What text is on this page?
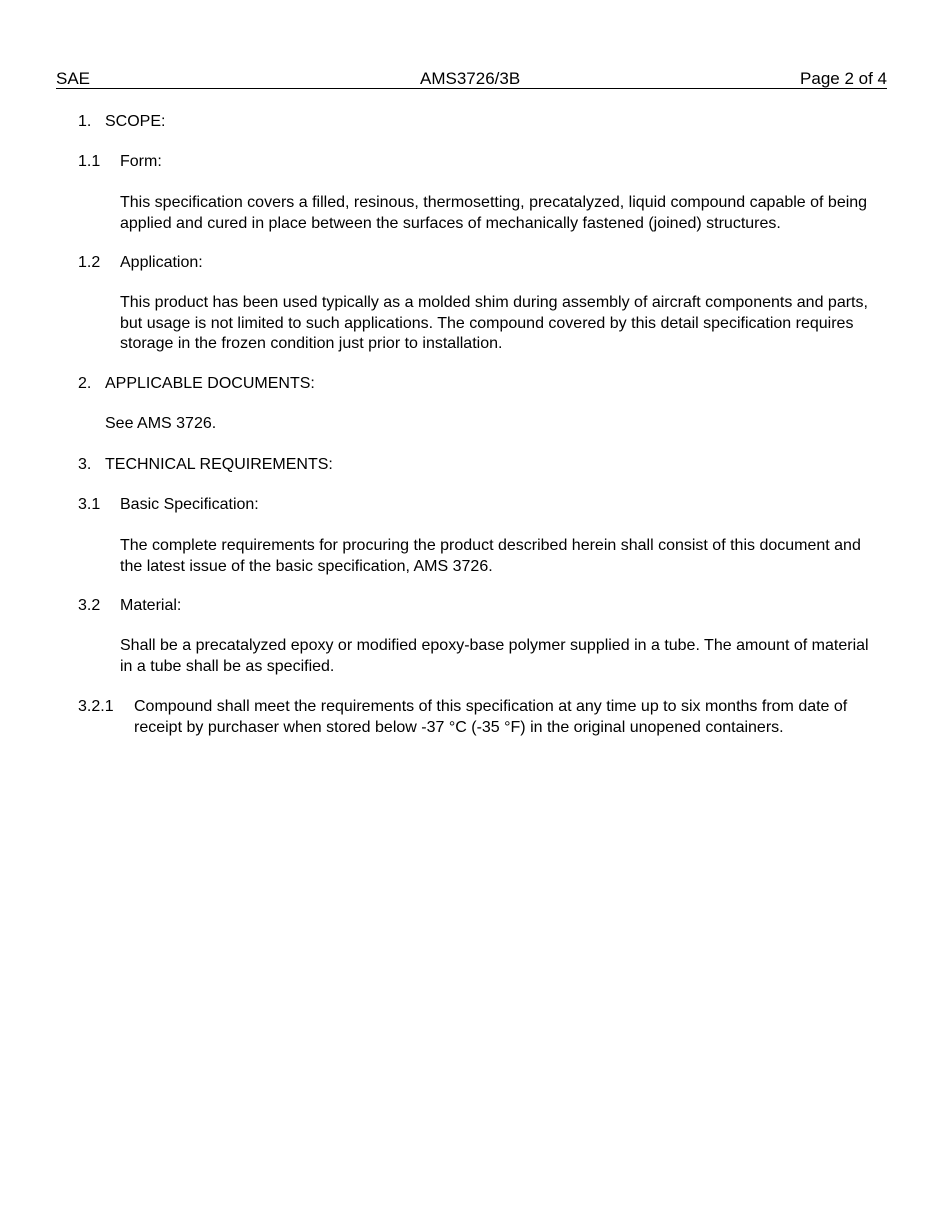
SAE	AMS3726/3B	Page 2 of 4
1. SCOPE:
1.1 Form:
This specification covers a filled, resinous, thermosetting, precatalyzed, liquid compound capable of being applied and cured in place between the surfaces of mechanically fastened (joined) structures.
1.2 Application:
This product has been used typically as a molded shim during assembly of aircraft components and parts, but usage is not limited to such applications. The compound covered by this detail specification requires storage in the frozen condition just prior to installation.
2. APPLICABLE DOCUMENTS:
See AMS 3726.
3. TECHNICAL REQUIREMENTS:
3.1 Basic Specification:
The complete requirements for procuring the product described herein shall consist of this document and the latest issue of the basic specification, AMS 3726.
3.2 Material:
Shall be a precatalyzed epoxy or modified epoxy-base polymer supplied in a tube. The amount of material in a tube shall be as specified.
3.2.1 Compound shall meet the requirements of this specification at any time up to six months from date of receipt by purchaser when stored below -37 °C (-35 °F) in the original unopened containers.
